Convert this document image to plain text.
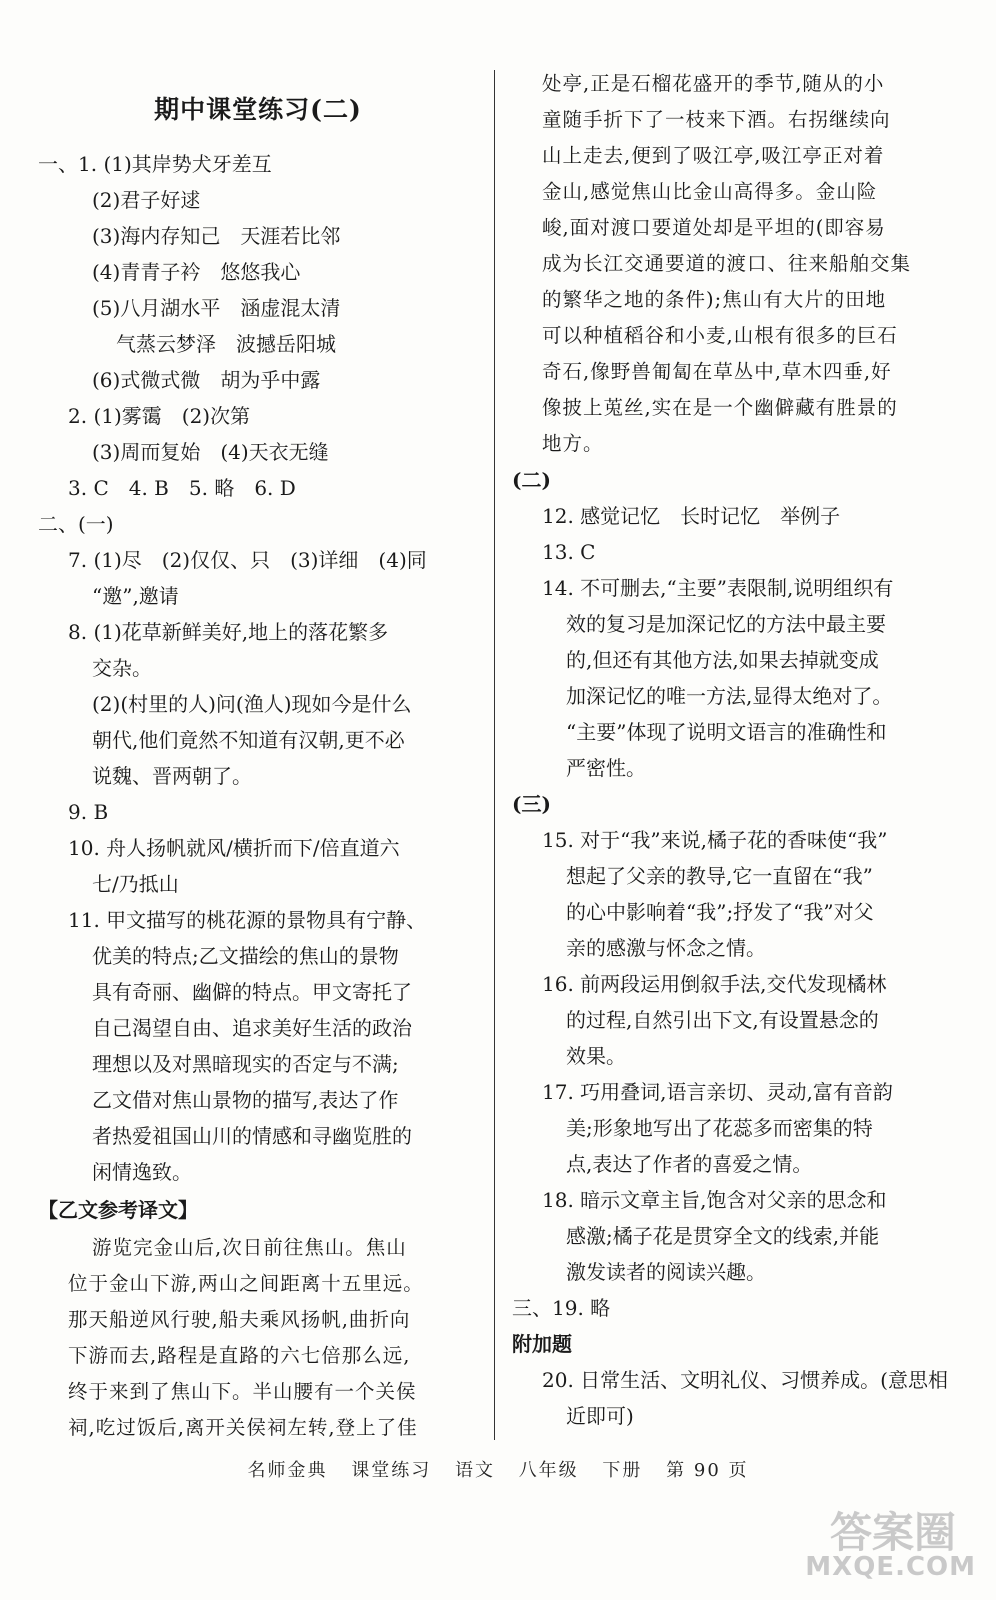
期中课堂练习(二)
一、1. (1)其岸势犬牙差互
(2)君子好逑
(3)海内存知己　天涯若比邻
(4)青青子衿　悠悠我心
(5)八月湖水平　涵虚混太清
气蒸云梦泽　波撼岳阳城
(6)式微式微　胡为乎中露
2. (1)雾霭　(2)次第
(3)周而复始　(4)天衣无缝
3. C　4. B　5. 略　6. D
二、(一)
7. (1)尽　(2)仅仅、只　(3)详细　(4)同
“邀”,邀请
8. (1)花草新鲜美好,地上的落花繁多
交杂。
(2)(村里的人)问(渔人)现如今是什么
朝代,他们竟然不知道有汉朝,更不必
说魏、晋两朝了。
9. B
10. 舟人扬帆就风/横折而下/倍直道六
七/乃抵山
11. 甲文描写的桃花源的景物具有宁静、
优美的特点;乙文描绘的焦山的景物
具有奇丽、幽僻的特点。甲文寄托了
自己渴望自由、追求美好生活的政治
理想以及对黑暗现实的否定与不满;
乙文借对焦山景物的描写,表达了作
者热爱祖国山川的情感和寻幽览胜的
闲情逸致。
【乙文参考译文】
游览完金山后,次日前往焦山。焦山
位于金山下游,两山之间距离十五里远。
那天船逆风行驶,船夫乘风扬帆,曲折向
下游而去,路程是直路的六七倍那么远,
终于来到了焦山下。半山腰有一个关侯
祠,吃过饭后,离开关侯祠左转,登上了佳
处亭,正是石榴花盛开的季节,随从的小
童随手折下了一枝来下酒。右拐继续向
山上走去,便到了吸江亭,吸江亭正对着
金山,感觉焦山比金山高得多。金山险
峻,面对渡口要道处却是平坦的(即容易
成为长江交通要道的渡口、往来船舶交集
的繁华之地的条件);焦山有大片的田地
可以种植稻谷和小麦,山根有很多的巨石
奇石,像野兽匍匐在草丛中,草木四垂,好
像披上莵丝,实在是一个幽僻藏有胜景的
地方。
(二)
12. 感觉记忆　长时记忆　举例子
13. C
14. 不可删去,“主要”表限制,说明组织有
效的复习是加深记忆的方法中最主要
的,但还有其他方法,如果去掉就变成
加深记忆的唯一方法,显得太绝对了。
“主要”体现了说明文语言的准确性和
严密性。
(三)
15. 对于“我”来说,橘子花的香味使“我”
想起了父亲的教导,它一直留在“我”
的心中影响着“我”;抒发了“我”对父
亲的感激与怀念之情。
16. 前两段运用倒叙手法,交代发现橘林
的过程,自然引出下文,有设置悬念的
效果。
17. 巧用叠词,语言亲切、灵动,富有音韵
美;形象地写出了花蕊多而密集的特
点,表达了作者的喜爱之情。
18. 暗示文章主旨,饱含对父亲的思念和
感激;橘子花是贯穿全文的线索,并能
激发读者的阅读兴趣。
三、19. 略
附加题
20. 日常生活、文明礼仪、习惯养成。(意思相
近即可)
名师金典 课堂练习 语文 八年级 下册 第 90 页
答案圈
MXQE.COM
